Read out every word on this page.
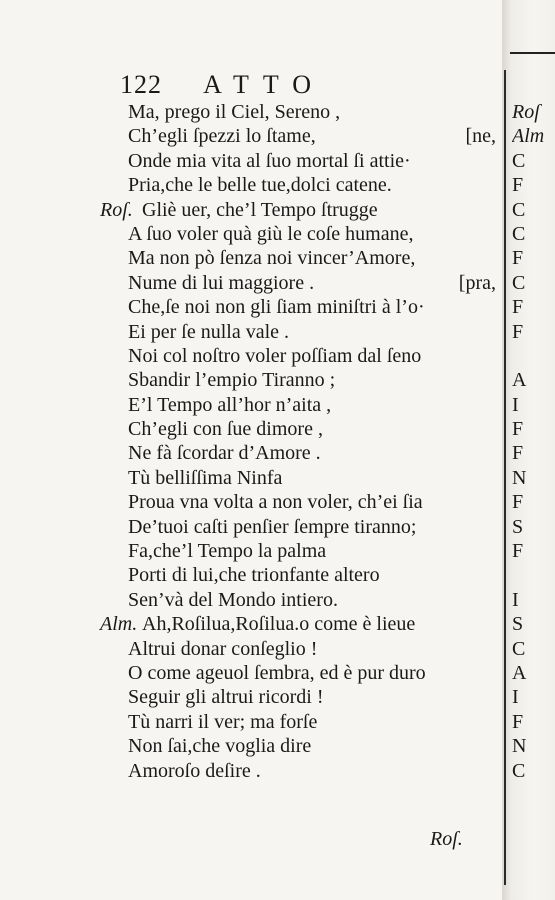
122 ATTO
Ma, prego il Ciel, Sereno ,
Ch’egli ſpezzi lo ſtame,	[ne,
Onde mia vita al ſuo mortal ſi attie·
Pria,che le belle tue,dolci catene.
Roſ. Gliè uer, che’l Tempo ſtrugge
A ſuo voler quà giù le coſe humane,
Ma non pò ſenza noi vincer’Amore,
Nume di lui maggiore .	[pra,
Che,ſe noi non gli ſiam miniſtri à l’o·
Ei per ſe nulla vale .
Noi col noſtro voler poſſiam dal ſeno
Sbandir l’empio Tiranno ;
E’l Tempo all’hor n’aita ,
Ch’egli con ſue dimore ,
Ne fà ſcordar d’Amore .
Tù belliſſima Ninfa
Proua vna volta a non voler, ch’ei ſia
De’tuoi caſti penſier ſempre tiranno;
Fa,che’l Tempo la palma
Porti di lui,che trionfante altero
Sen’và del Mondo intiero.
Alm. Ah,Roſilua,Roſilua.o come è lieue
Altrui donar conſeglio !
O come ageuol ſembra, ed è pur duro
Seguir gli altrui ricordi !
Tù narri il ver; ma forſe
Non ſai,che voglia dire
Amoroſo deſire .
Roſ.
Roſ
Alm
C
F
C
C
F
C
F
F
A
I
F
F
N
F
S
F
I
S
C
A
I
F
N
C
